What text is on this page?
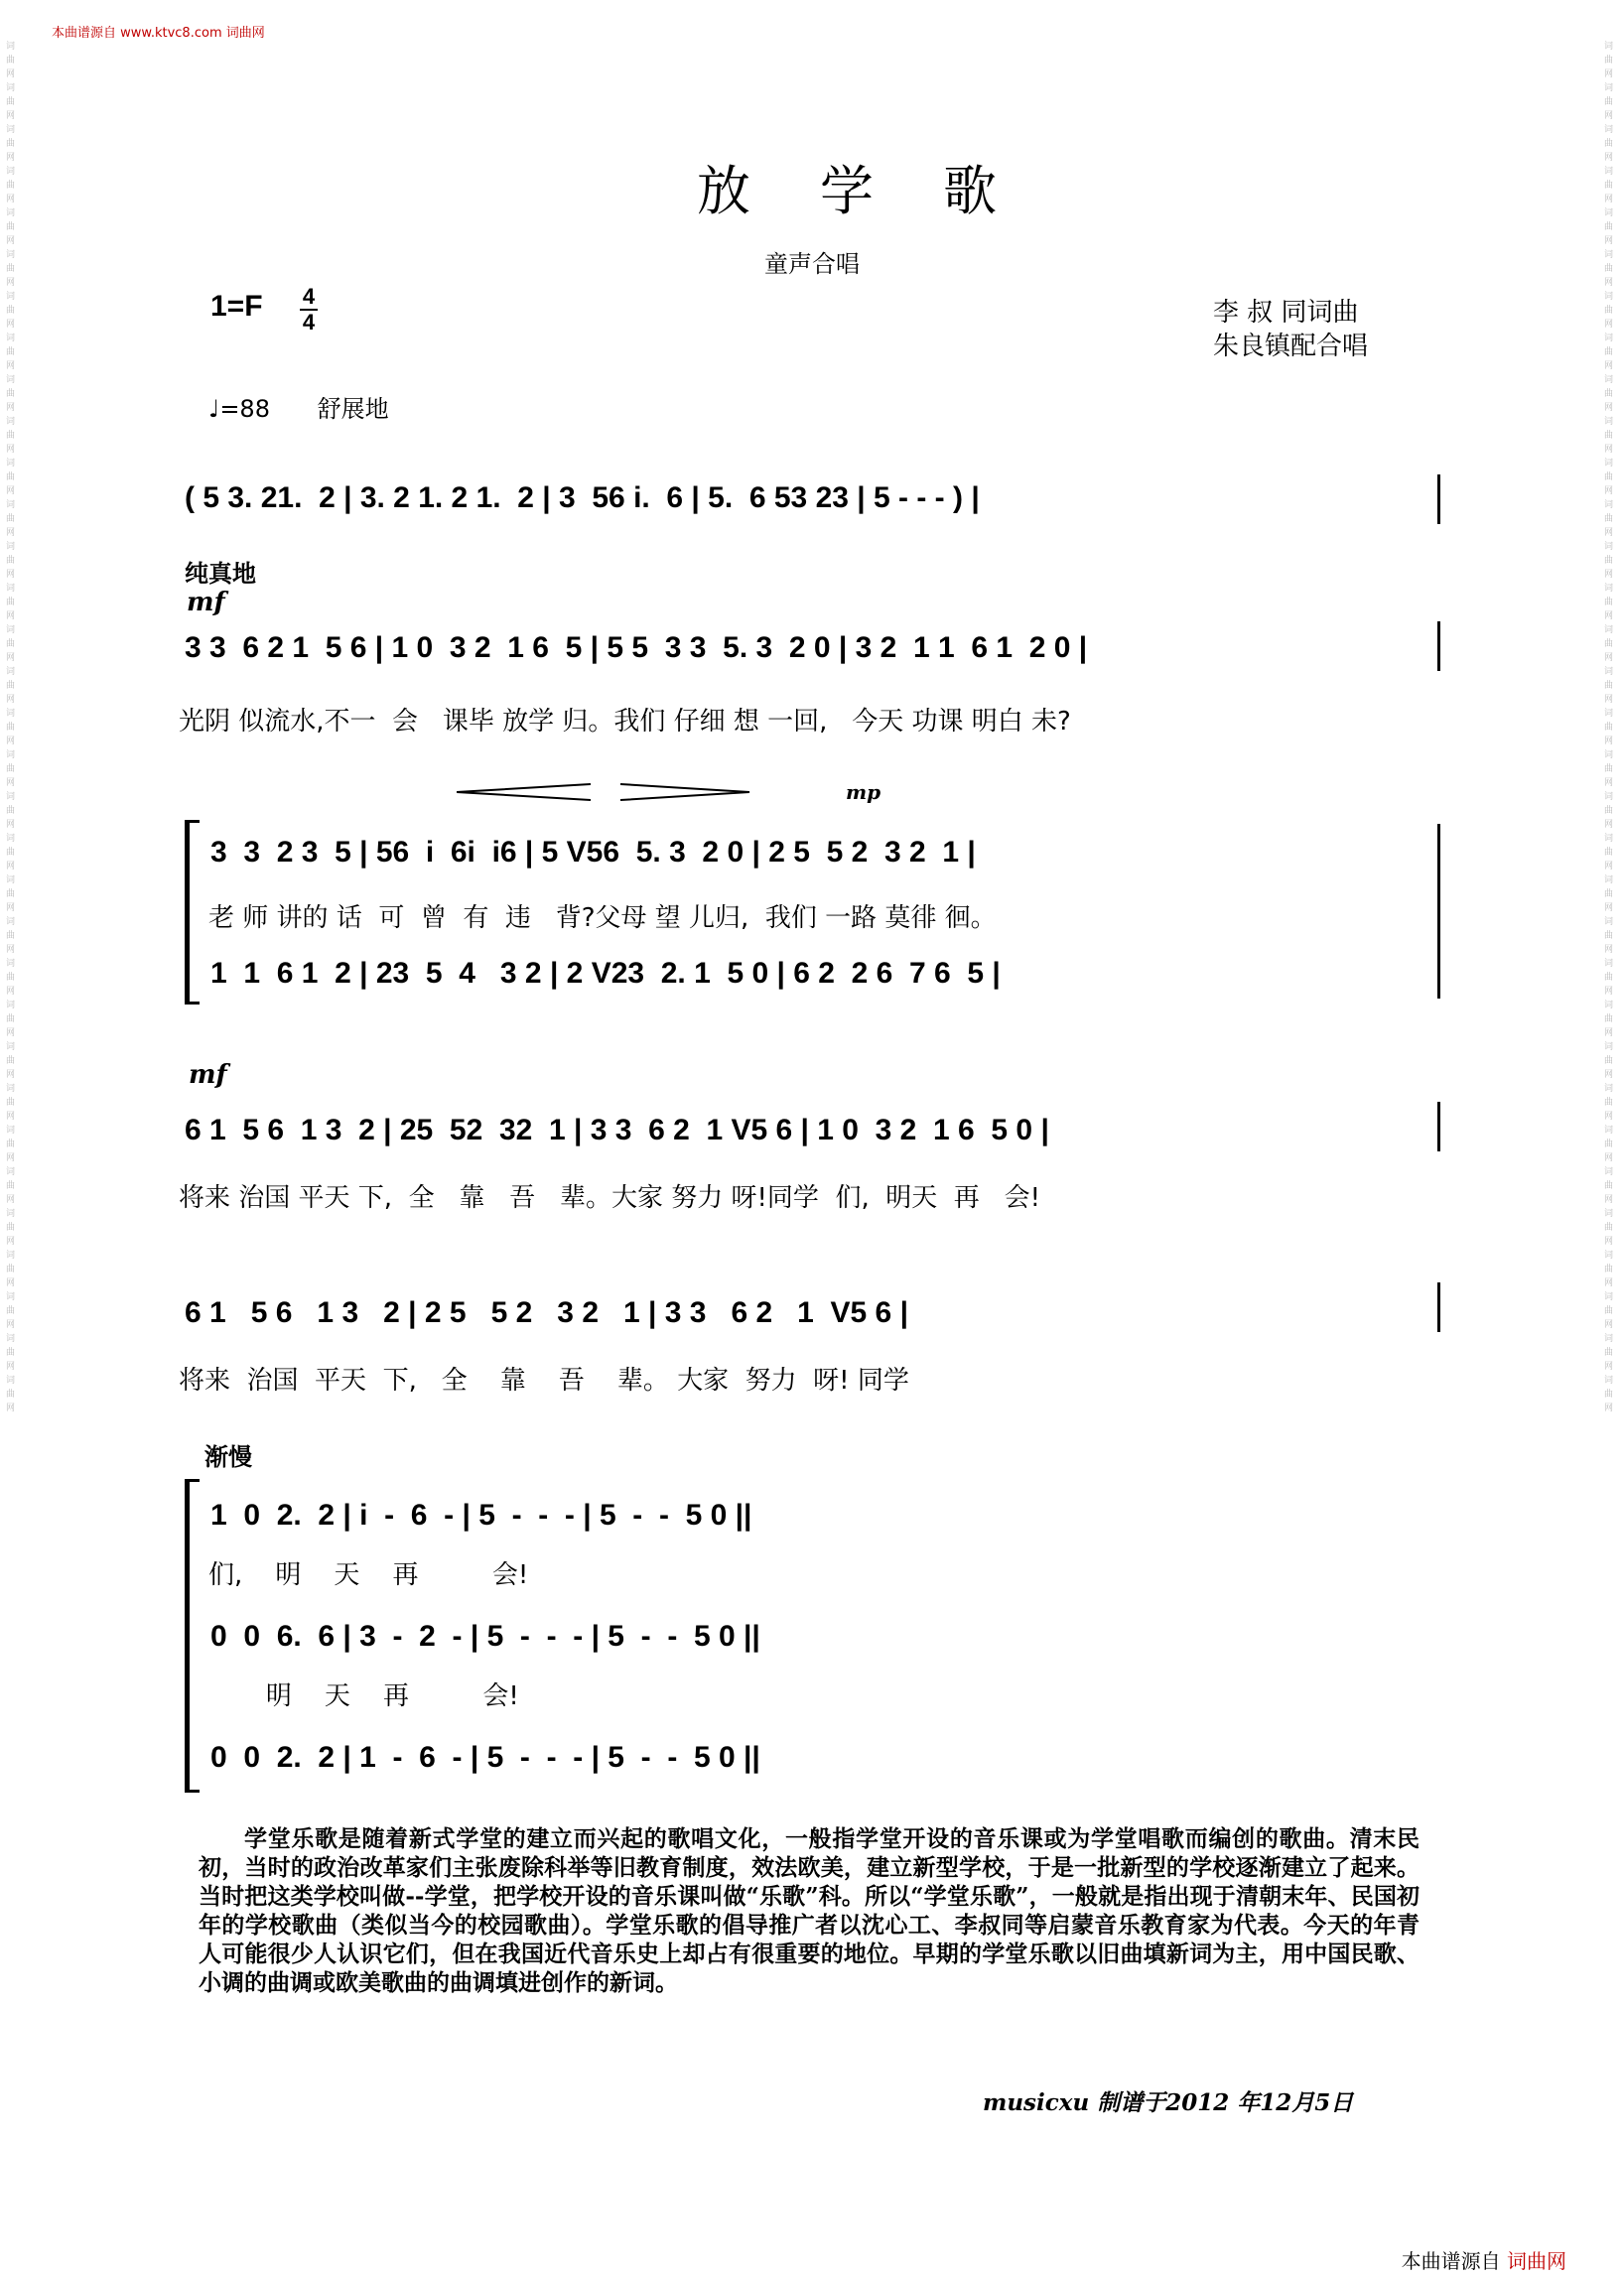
本曲谱源自 www.ktvc8.com 词曲网
词曲网词曲网词曲网词曲网词曲网词曲网词曲网词曲网词曲网词曲网词曲网词曲网词曲网词曲网词曲网词曲网词曲网词曲网词曲网词曲网词曲网词曲网词曲网词曲网词曲网词曲网词曲网词曲网词曲网词曲网词曲网词曲网词曲网
词曲网词曲网词曲网词曲网词曲网词曲网词曲网词曲网词曲网词曲网词曲网词曲网词曲网词曲网词曲网词曲网词曲网词曲网词曲网词曲网词曲网词曲网词曲网词曲网词曲网词曲网词曲网词曲网词曲网词曲网词曲网词曲网词曲网
放学歌
童声合唱
1=F 4
4	李 叔 同词曲
朱良镇配合唱
♩=88 舒展地
( 5 3. 21.  2 | 3. 2 1. 2 1.  2 | 3  56 i.  6 | 5.  6 53 23 | 5 - - - ) |
纯真地
mf
3 3  6 2 1  5 6 | 1 0  3 2  1 6  5 | 5 5  3 3  5. 3  2 0 | 3 2  1 1  6 1  2 0 |
光阴 似流水,不一  会   课毕 放学 归。我们 仔细 想 一回,   今天 功课 明白 未?
mp
3  3  2 3  5 | 56  i  6i  i6 | 5 V56  5. 3  2 0 | 2 5  5 2  3 2  1 |
老 师 讲的 话  可  曾  有  违   背?父母 望 儿归,  我们 一路 莫徘 徊。
1  1  6 1  2 | 23  5  4   3 2 | 2 V23  2. 1  5 0 | 6 2  2 6  7 6  5 |
mf
6 1  5 6  1 3  2 | 25  52  32  1 | 3 3  6 2  1 V5 6 | 1 0  3 2  1 6  5 0 |
将来 治国 平天 下,  全   靠   吾   辈。大家 努力 呀!同学  们,  明天  再   会!
6 1   5 6   1 3   2 | 2 5   5 2   3 2   1 | 3 3   6 2   1  V5 6 |
将来  治国  平天  下,   全    靠    吾    辈。 大家  努力  呀! 同学
渐慢
1  0  2.  2 | i  -  6  - | 5  -  -  - | 5  -  -  5 0 ||
们,    明    天    再         会!
0  0  6.  6 | 3  -  2  - | 5  -  -  - | 5  -  -  5 0 ||
明    天    再         会!
0  0  2.  2 | 1  -  6  - | 5  -  -  - | 5  -  -  5 0 ||

学堂乐歌是随着新式学堂的建立而兴起的歌唱文化，一般指学堂开设的音乐课或为学堂唱歌而编创的歌曲。清末民初，当时的政治改革家们主张废除科举等旧教育制度，效法欧美，建立新型学校，于是一批新型的学校逐渐建立了起来。当时把这类学校叫做--学堂，把学校开设的音乐课叫做“乐歌”科。所以“学堂乐歌”，一般就是指出现于清朝末年、民国初年的学校歌曲（类似当今的校园歌曲）。学堂乐歌的倡导推广者以沈心工、李叔同等启蒙音乐教育家为代表。今天的年青人可能很少人认识它们，但在我国近代音乐史上却占有很重要的地位。早期的学堂乐歌以旧曲填新词为主，用中国民歌、小调的曲调或欧美歌曲的曲调填进创作的新词。

musicxu 制谱于2012 年12月5日
本曲谱源自 词曲网
